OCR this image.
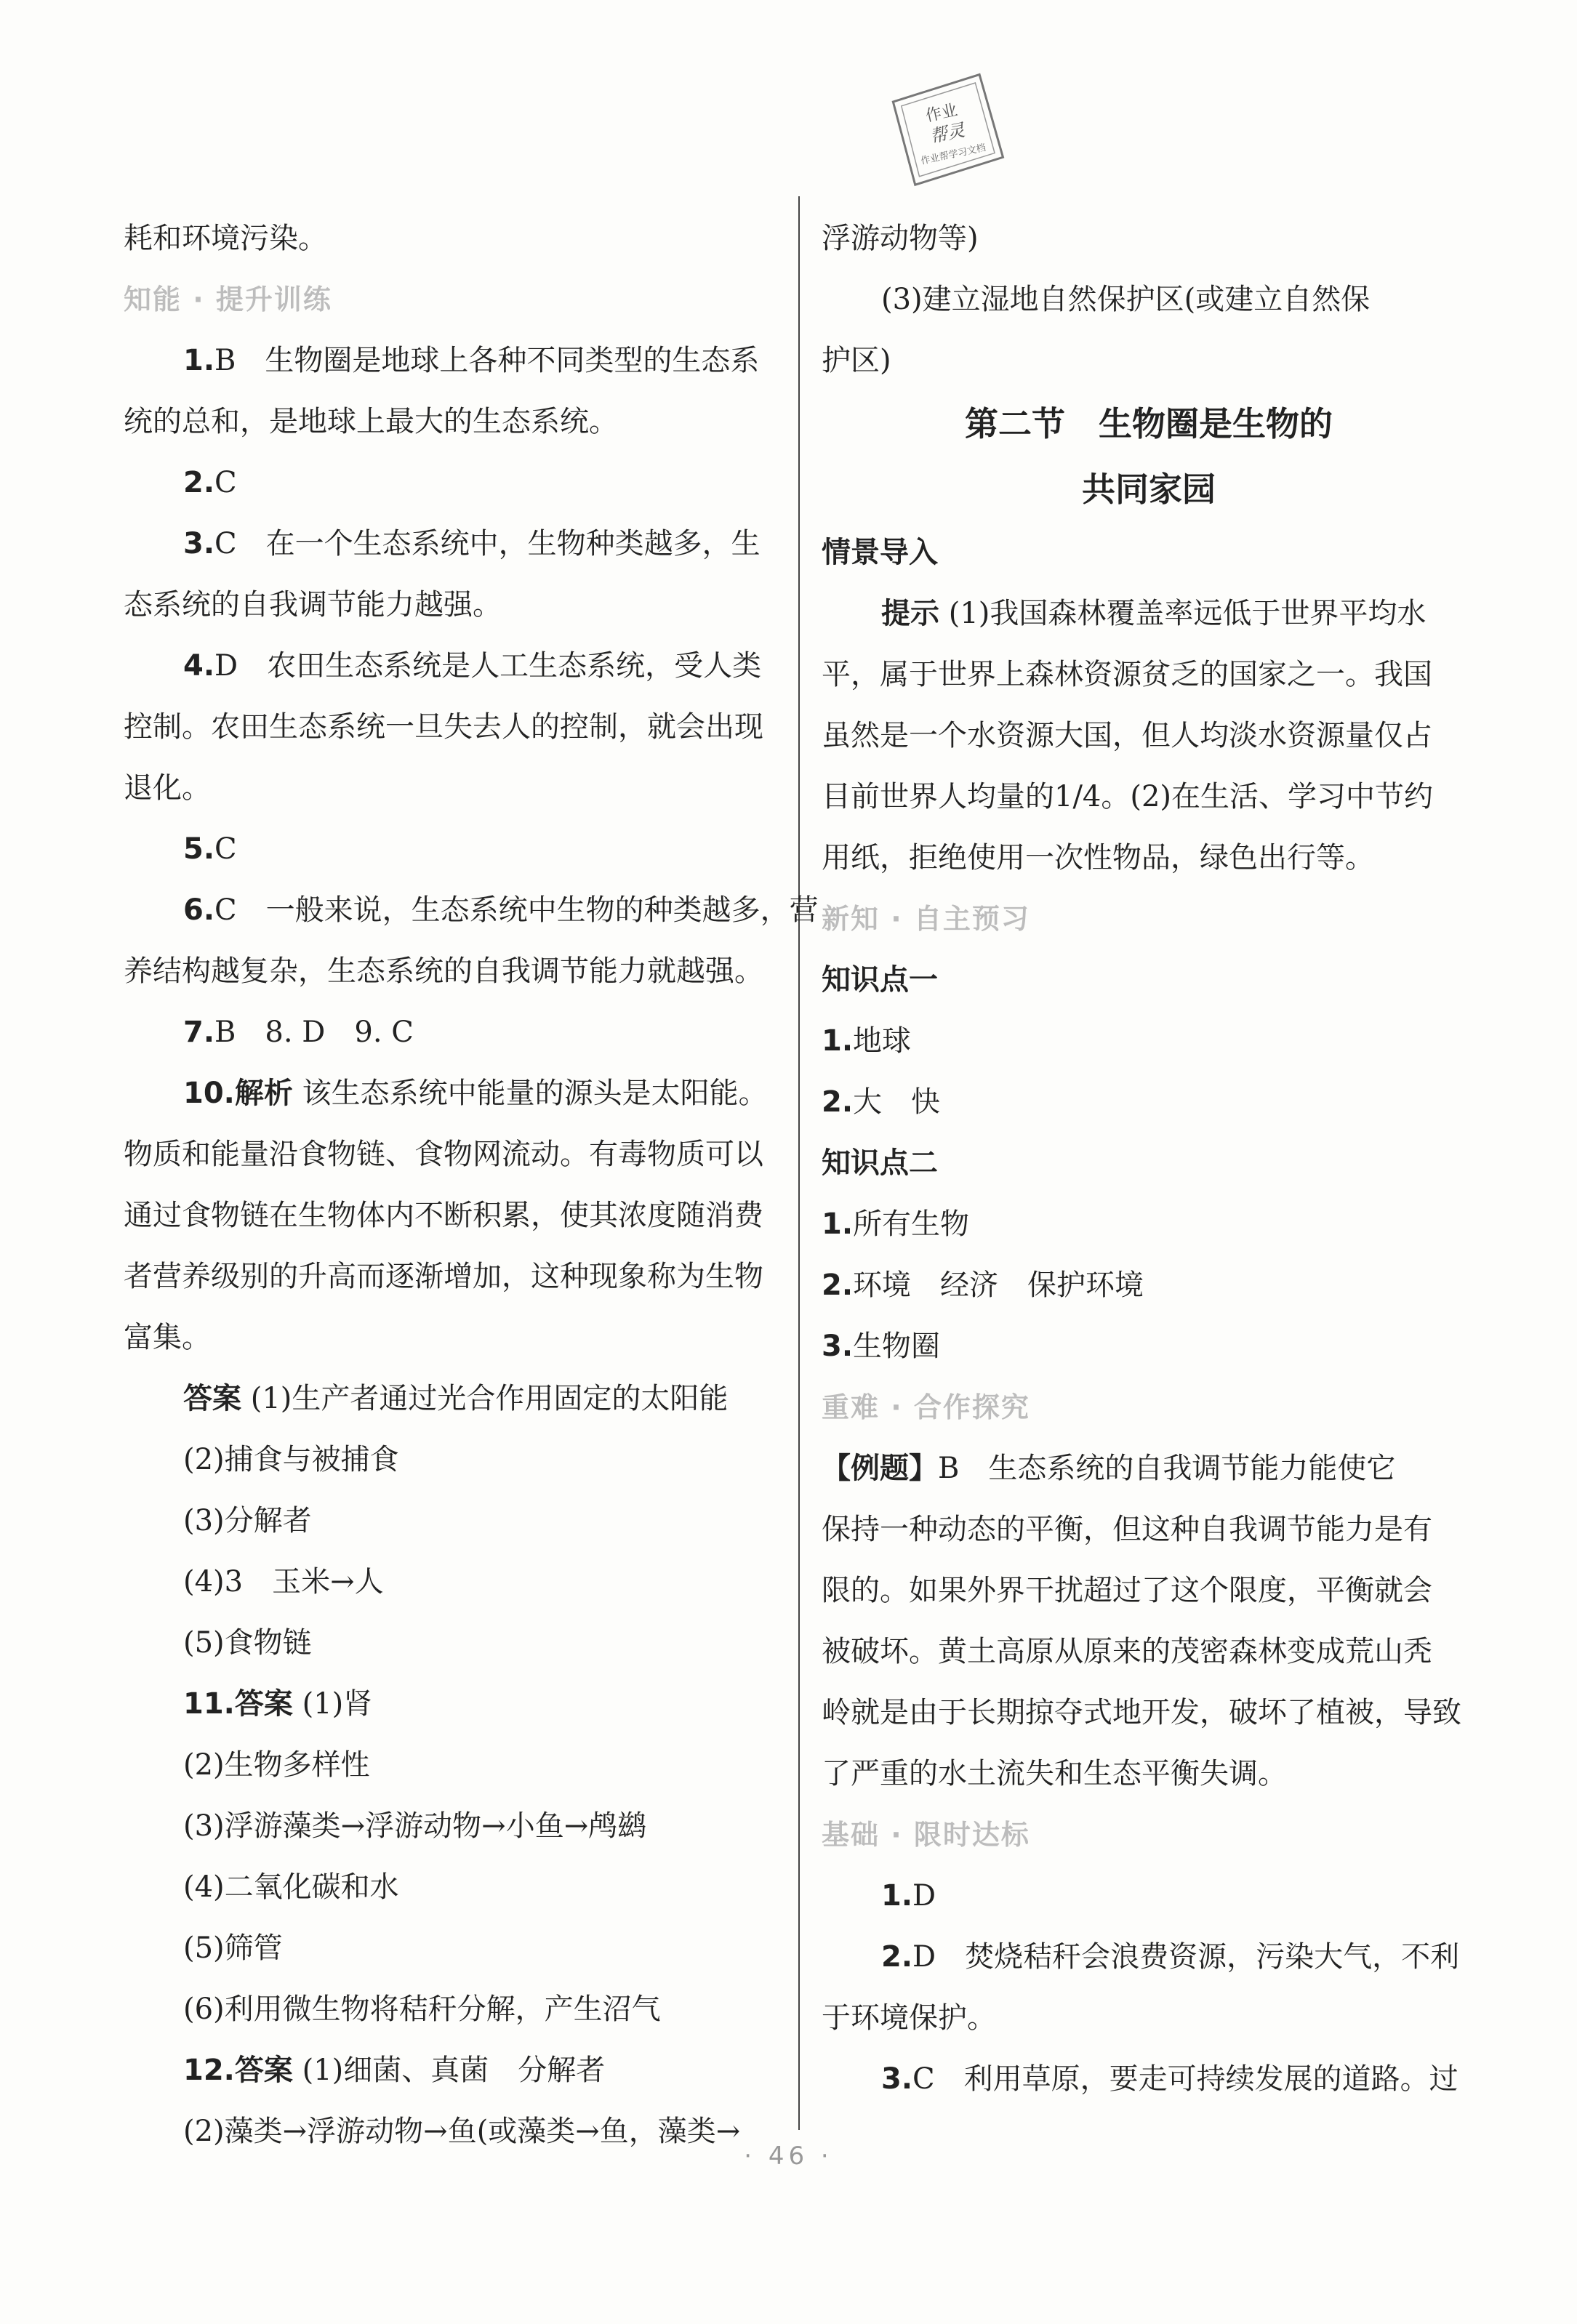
作业
帮灵
作业帮学习文档
耗和环境污染。
知能 · 提升训练
1.B　生物圈是地球上各种不同类型的生态系
统的总和，是地球上最大的生态系统。
2.C
3.C　在一个生态系统中，生物种类越多，生
态系统的自我调节能力越强。
4.D　农田生态系统是人工生态系统，受人类
控制。农田生态系统一旦失去人的控制，就会出现
退化。
5.C
6.C　一般来说，生态系统中生物的种类越多，营
养结构越复杂，生态系统的自我调节能力就越强。
7.B　8. D　9. C
10.解析 该生态系统中能量的源头是太阳能。
物质和能量沿食物链、食物网流动。有毒物质可以
通过食物链在生物体内不断积累，使其浓度随消费
者营养级别的升高而逐渐增加，这种现象称为生物
富集。
答案 (1)生产者通过光合作用固定的太阳能
(2)捕食与被捕食
(3)分解者
(4)3　玉米→人
(5)食物链
11.答案 (1)肾
(2)生物多样性
(3)浮游藻类→浮游动物→小鱼→鸬鹚
(4)二氧化碳和水
(5)筛管
(6)利用微生物将秸秆分解，产生沼气
12.答案 (1)细菌、真菌　分解者
(2)藻类→浮游动物→鱼(或藻类→鱼，藻类→
浮游动物等)
(3)建立湿地自然保护区(或建立自然保
护区)
第二节　生物圈是生物的
共同家园
情景导入
提示 (1)我国森林覆盖率远低于世界平均水
平，属于世界上森林资源贫乏的国家之一。我国
虽然是一个水资源大国，但人均淡水资源量仅占
目前世界人均量的1/4。(2)在生活、学习中节约
用纸，拒绝使用一次性物品，绿色出行等。
新知 · 自主预习
知识点一
1.地球
2.大　快
知识点二
1.所有生物
2.环境　经济　保护环境
3.生物圈
重难 · 合作探究
【例题】B　生态系统的自我调节能力能使它
保持一种动态的平衡，但这种自我调节能力是有
限的。如果外界干扰超过了这个限度，平衡就会
被破坏。黄土高原从原来的茂密森林变成荒山秃
岭就是由于长期掠夺式地开发，破坏了植被，导致
了严重的水土流失和生态平衡失调。
基础 · 限时达标
1.D
2.D　焚烧秸秆会浪费资源，污染大气，不利
于环境保护。
3.C　利用草原，要走可持续发展的道路。过
· 46 ·
